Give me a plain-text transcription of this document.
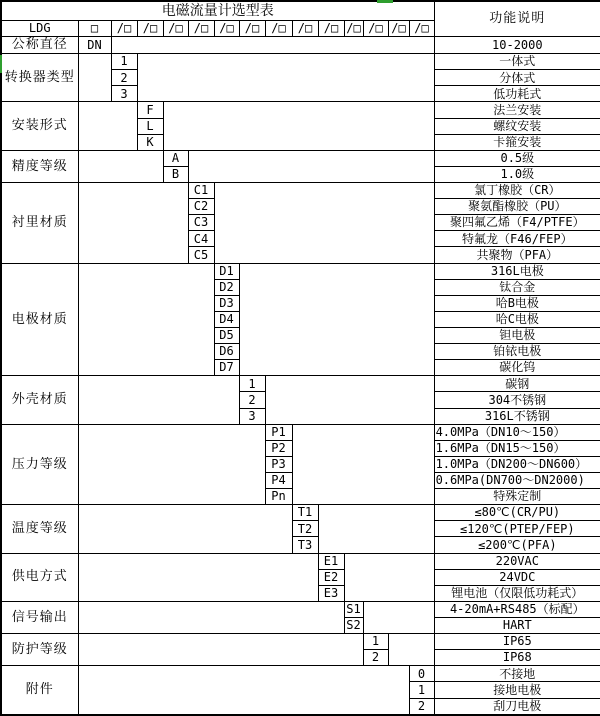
电磁流量计选型表															功能说明
LDG	□	/□	/□	/□	/□	/□	/□	/□	/□	/□	/□	/□	/□	/□	
公称直径	DN														10-2000
转换器类型		1													一体式
		2													分体式
		3													低功耗式
安装形式			F												法兰安装
			L												螺纹安装
			K												卡箍安装
精度等级				A											0.5级
				B											1.0级
衬里材质					C1										氯丁橡胶（CR）
					C2										聚氨酯橡胶（PU）
					C3										聚四氟乙烯（F4/PTFE）
					C4										特氟龙（F46/FEP）
					C5										共聚物（PFA）
电极材质						D1									316L电极
						D2									钛合金
						D3									哈B电极
						D4									哈C电极
						D5									钽电极
						D6									铂铱电极
						D7									碳化钨
外壳材质							1								碳钢
							2								304不锈钢
							3								316L不锈钢
压力等级								P1							4.0MPa（DN10～150）
								P2							1.6MPa（DN15～150）
								P3							1.0MPa（DN200～DN600）
								P4							0.6MPa(DN700～DN2000)
								Pn							特殊定制
温度等级									T1						≤80℃(CR/PU)
									T2						≤120℃(PTEP/FEP)
									T3						≤200℃(PFA)
供电方式										E1					220VAC
										E2					24VDC
										E3					锂电池（仅限低功耗式）
信号输出											S1				4-20mA+RS485（标配）
											S2				HART
防护等级												1			IP65
												2			IP68
附件														0	不接地
														1	接地电极
														2	刮刀电极
